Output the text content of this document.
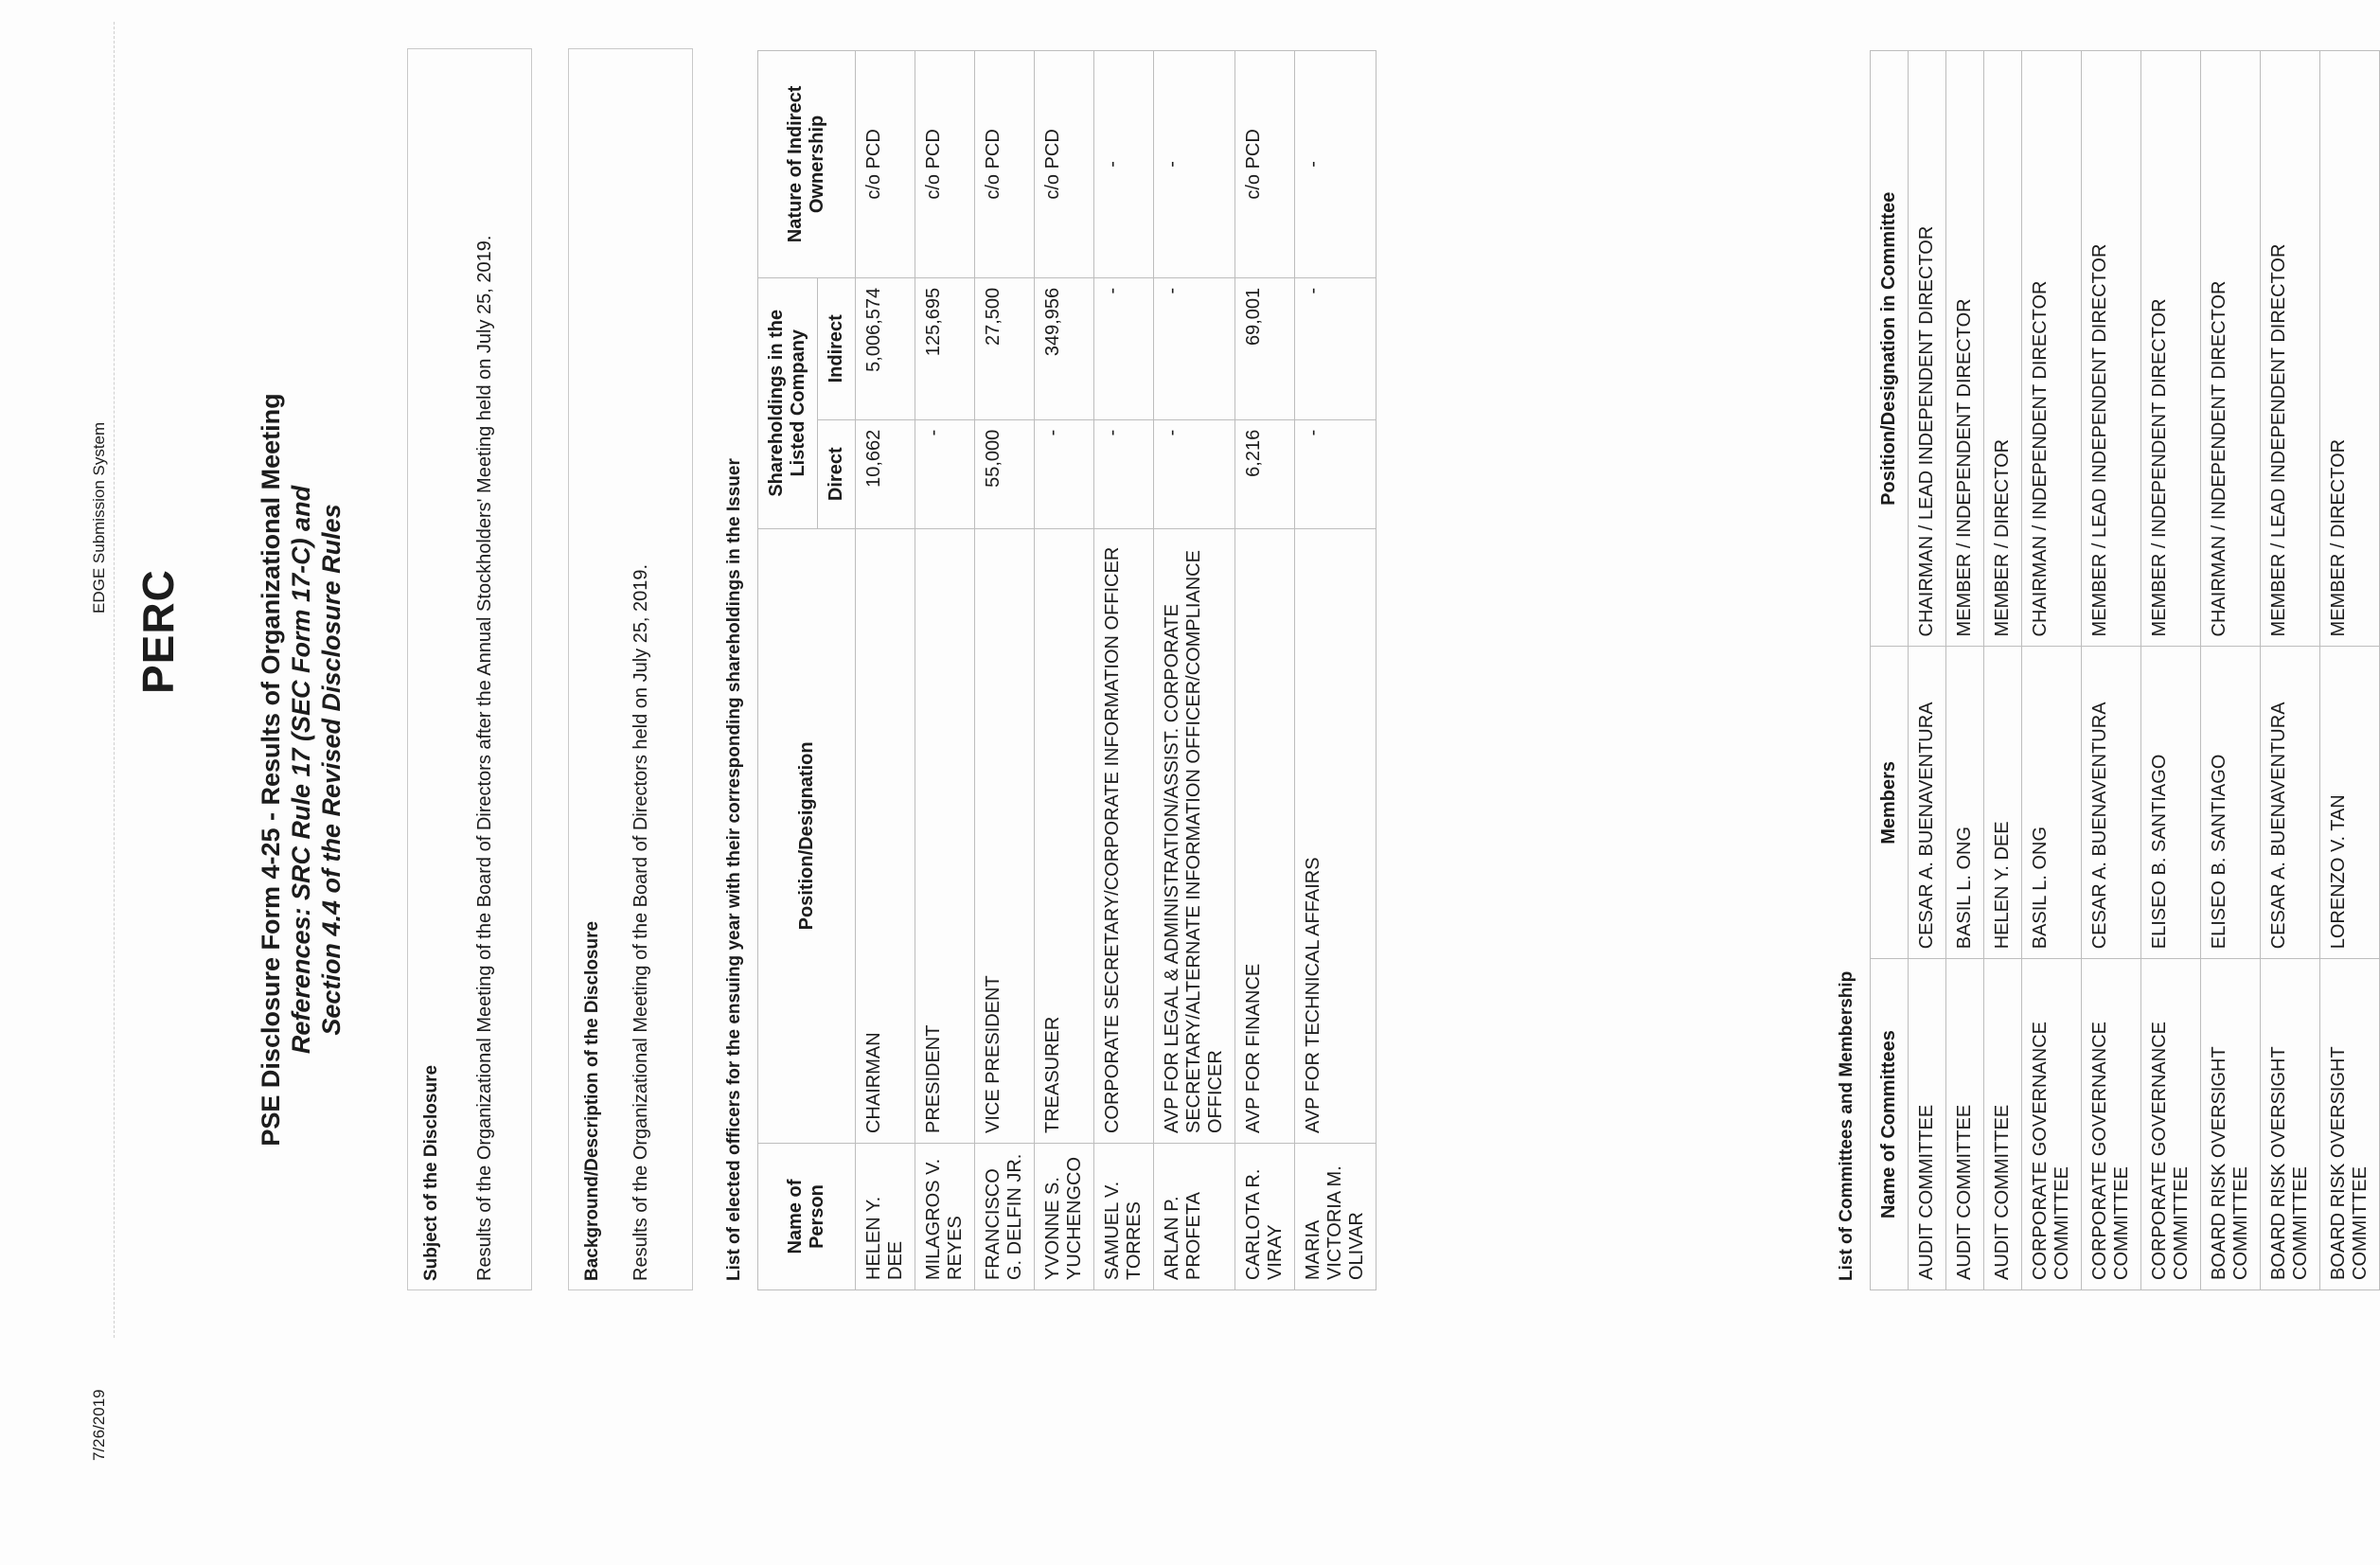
7/26/2019
EDGE Submission System
PERC	PSE Disclosure Form 4-25 - Results of Organizational Meeting References: SRC Rule 17 (SEC Form 17-C) and Section 4.4 of the Revised Disclosure Rules
Subject of the Disclosure Results of the Organizational Meeting of the Board of Directors after the Annual Stockholders' Meeting held on July 25, 2019.	Background/Description of the Disclosure Results of the Organizational Meeting of the Board of Directors held on July 25, 2019.	List of elected officers for the ensuing year with their corresponding shareholdings in the Issuer Name of Person	Position/Designation	Shareholdings in the Listed Company		Nature of Indirect Ownership
		Direct	Indirect	
HELEN Y. DEE	CHAIRMAN	10,662	5,006,574	c/o PCD
MILAGROS V. REYES	PRESIDENT	-	125,695	c/o PCD
FRANCISCO G. DELFIN JR.	VICE PRESIDENT	55,000	27,500	c/o PCD
YVONNE S. YUCHENGCO	TREASURER	-	349,956	c/o PCD
SAMUEL V. TORRES	CORPORATE SECRETARY/CORPORATE INFORMATION OFFICER	-	-	-
ARLAN P. PROFETA	AVP FOR LEGAL & ADMINISTRATION/ASSIST. CORPORATE SECRETARY/ALTERNATE INFORMATION OFFICER/COMPLIANCE OFFICER	-	-	-
CARLOTA R. VIRAY	AVP FOR FINANCE	6,216	69,001	c/o PCD
MARIA VICTORIA M. OLIVAR	AVP FOR TECHNICAL AFFAIRS	-	-	-
List of Committees and Membership Name of Committees	Members	Position/Designation in Committee
AUDIT COMMITTEE	CESAR A. BUENAVENTURA	CHAIRMAN / LEAD INDEPENDENT DIRECTOR
AUDIT COMMITTEE	BASIL L. ONG	MEMBER / INDEPENDENT DIRECTOR
AUDIT COMMITTEE	HELEN Y. DEE	MEMBER / DIRECTOR
CORPORATE GOVERNANCE COMMITTEE	BASIL L. ONG	CHAIRMAN / INDEPENDENT DIRECTOR
CORPORATE GOVERNANCE COMMITTEE	CESAR A. BUENAVENTURA	MEMBER / LEAD INDEPENDENT DIRECTOR
CORPORATE GOVERNANCE COMMITTEE	ELISEO B. SANTIAGO	MEMBER / INDEPENDENT DIRECTOR
BOARD RISK OVERSIGHT COMMITTEE	ELISEO B. SANTIAGO	CHAIRMAN / INDEPENDENT DIRECTOR
BOARD RISK OVERSIGHT COMMITTEE	CESAR A. BUENAVENTURA	MEMBER / LEAD INDEPENDENT DIRECTOR
BOARD RISK OVERSIGHT COMMITTEE	LORENZO V. TAN	MEMBER / DIRECTOR
